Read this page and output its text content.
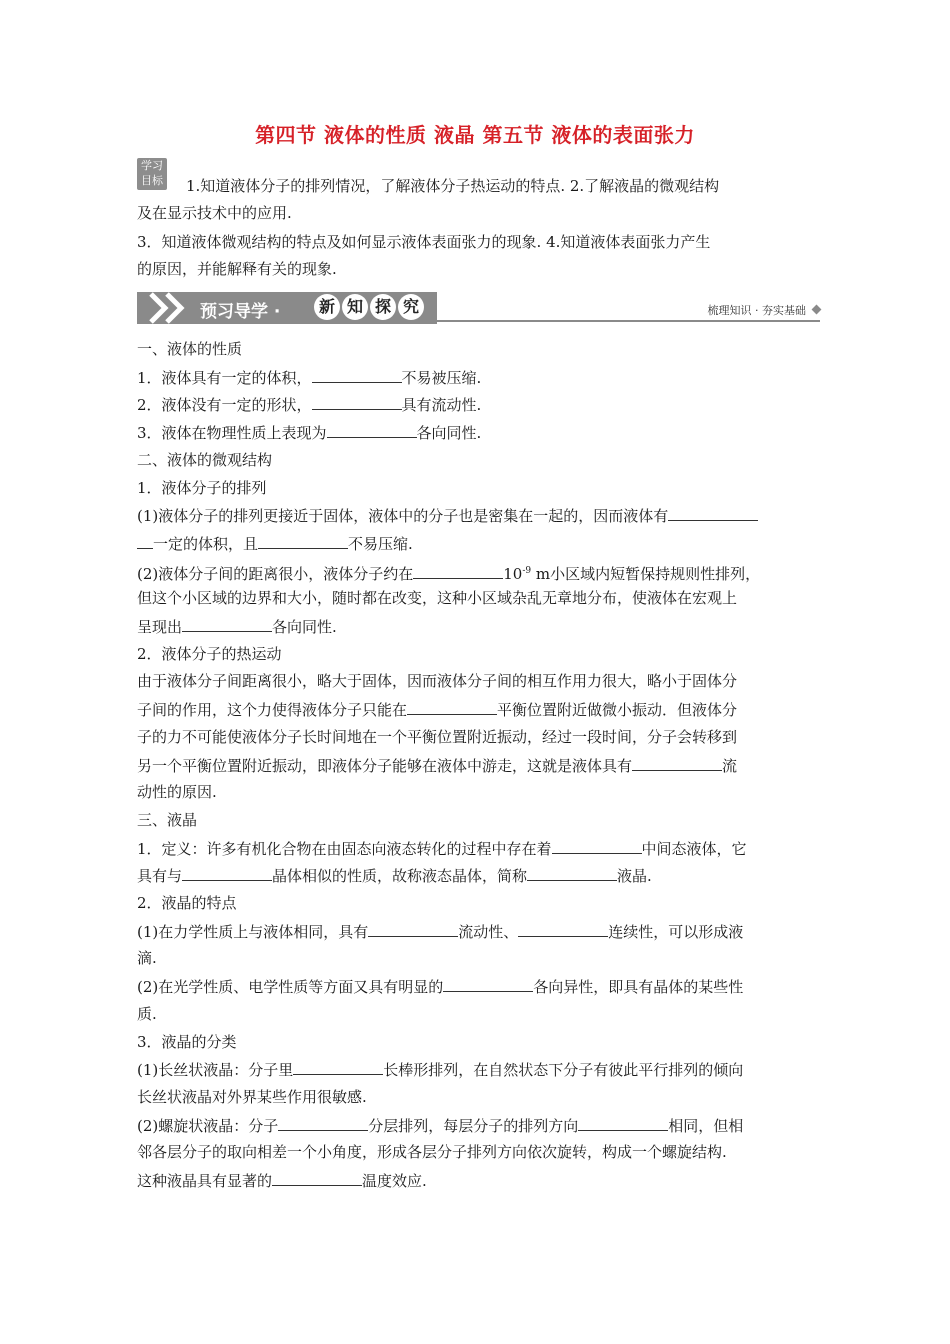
第四节 液体的性质 液晶 第五节 液体的表面张力
学习
目标 1.知道液体分子的排列情况，了解液体分子热运动的特点. 2.了解液晶的微观结构
及在显示技术中的应用.
3．知道液体微观结构的特点及如何显示液体表面张力的现象. 4.知道液体表面张力产生
的原因，并能解释有关的现象.
预习导学 ·	新 知 探 究	梳理知识 · 夯实基础
一、液体的性质
1．液体具有一定的体积，	不易被压缩.
2．液体没有一定的形状，	具有流动性.
3．液体在物理性质上表现为	各向同性.
二、液体的微观结构
1．液体分子的排列
(1)液体分子的排列更接近于固体，液体中的分子也是密集在一起的，因而液体有
一定的体积，且	不易压缩.
(2)液体分子间的距离很小，液体分子约在	$10^{-9}$ m小区域内短暂保持规则性排列，
但这个小区域的边界和大小，随时都在改变，这种小区域杂乱无章地分布，使液体在宏观上
呈现出	各向同性.
2．液体分子的热运动
由于液体分子间距离很小，略大于固体，因而液体分子间的相互作用力很大，略小于固体分
子间的作用，这个力使得液体分子只能在	平衡位置附近做微小振动．但液体分
子的力不可能使液体分子长时间地在一个平衡位置附近振动，经过一段时间，分子会转移到
另一个平衡位置附近振动，即液体分子能够在液体中游走，这就是液体具有	流
动性的原因.
三、液晶
1．定义：许多有机化合物在由固态向液态转化的过程中存在着	中间态液体，它
具有与	晶体相似的性质，故称液态晶体，简称	液晶.
2．液晶的特点
(1)在力学性质上与液体相同，具有	流动性、	连续性，可以形成液
滴.
(2)在光学性质、电学性质等方面又具有明显的	各向异性，即具有晶体的某些性
质.
3．液晶的分类
(1)长丝状液晶：分子里	长棒形排列，在自然状态下分子有彼此平行排列的倾向
长丝状液晶对外界某些作用很敏感.
(2)螺旋状液晶：分子	分层排列，每层分子的排列方向	相同，但相
邻各层分子的取向相差一个小角度，形成各层分子排列方向依次旋转，构成一个螺旋结构.
这种液晶具有显著的	温度效应.
